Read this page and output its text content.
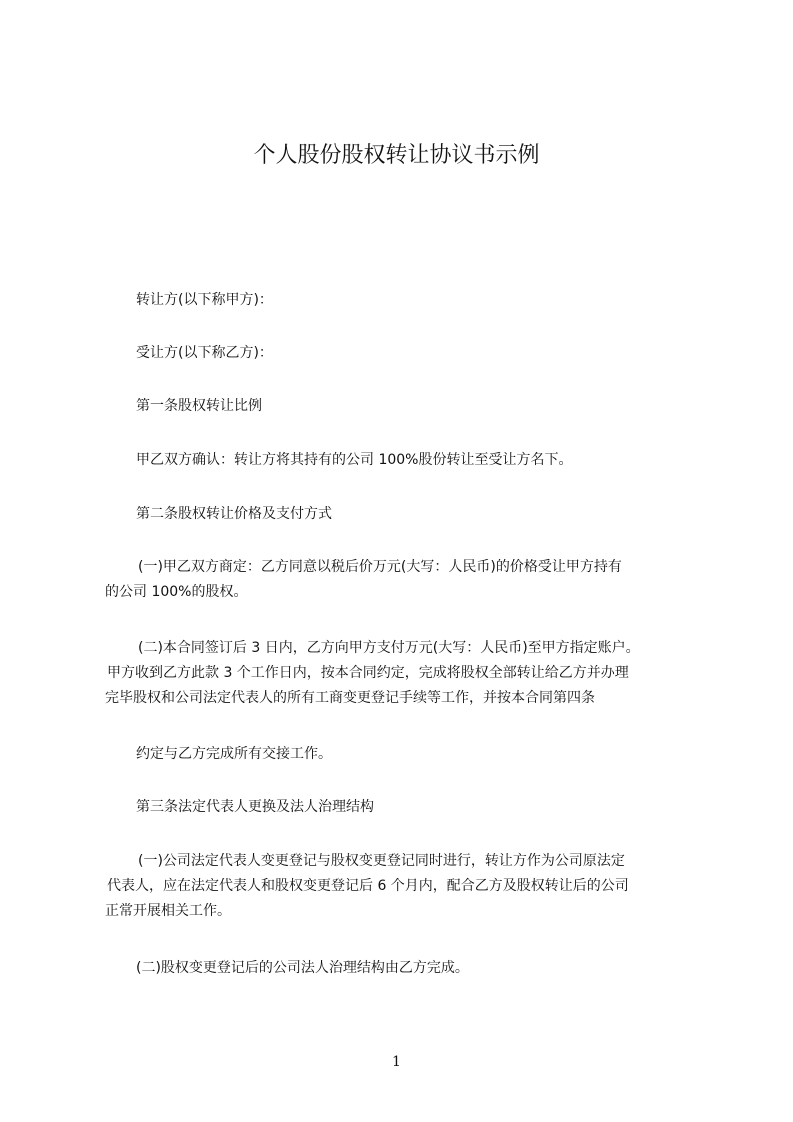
个人股份股权转让协议书示例
转让方(以下称甲方)：
受让方(以下称乙方)：
第一条股权转让比例
甲乙双方确认：转让方将其持有的公司 100%股份转让至受让方名下。
第二条股权转让价格及支付方式
(一)甲乙双方商定：乙方同意以税后价万元(大写：人民币)的价格受让甲方持有
的公司 100%的股权。
(二)本合同签订后 3 日内，乙方向甲方支付万元(大写：人民币)至甲方指定账户。
甲方收到乙方此款 3 个工作日内，按本合同约定，完成将股权全部转让给乙方并办理
完毕股权和公司法定代表人的所有工商变更登记手续等工作，并按本合同第四条
约定与乙方完成所有交接工作。
第三条法定代表人更换及法人治理结构
(一)公司法定代表人变更登记与股权变更登记同时进行，转让方作为公司原法定
代表人，应在法定代表人和股权变更登记后 6 个月内，配合乙方及股权转让后的公司
正常开展相关工作。
(二)股权变更登记后的公司法人治理结构由乙方完成。
1
